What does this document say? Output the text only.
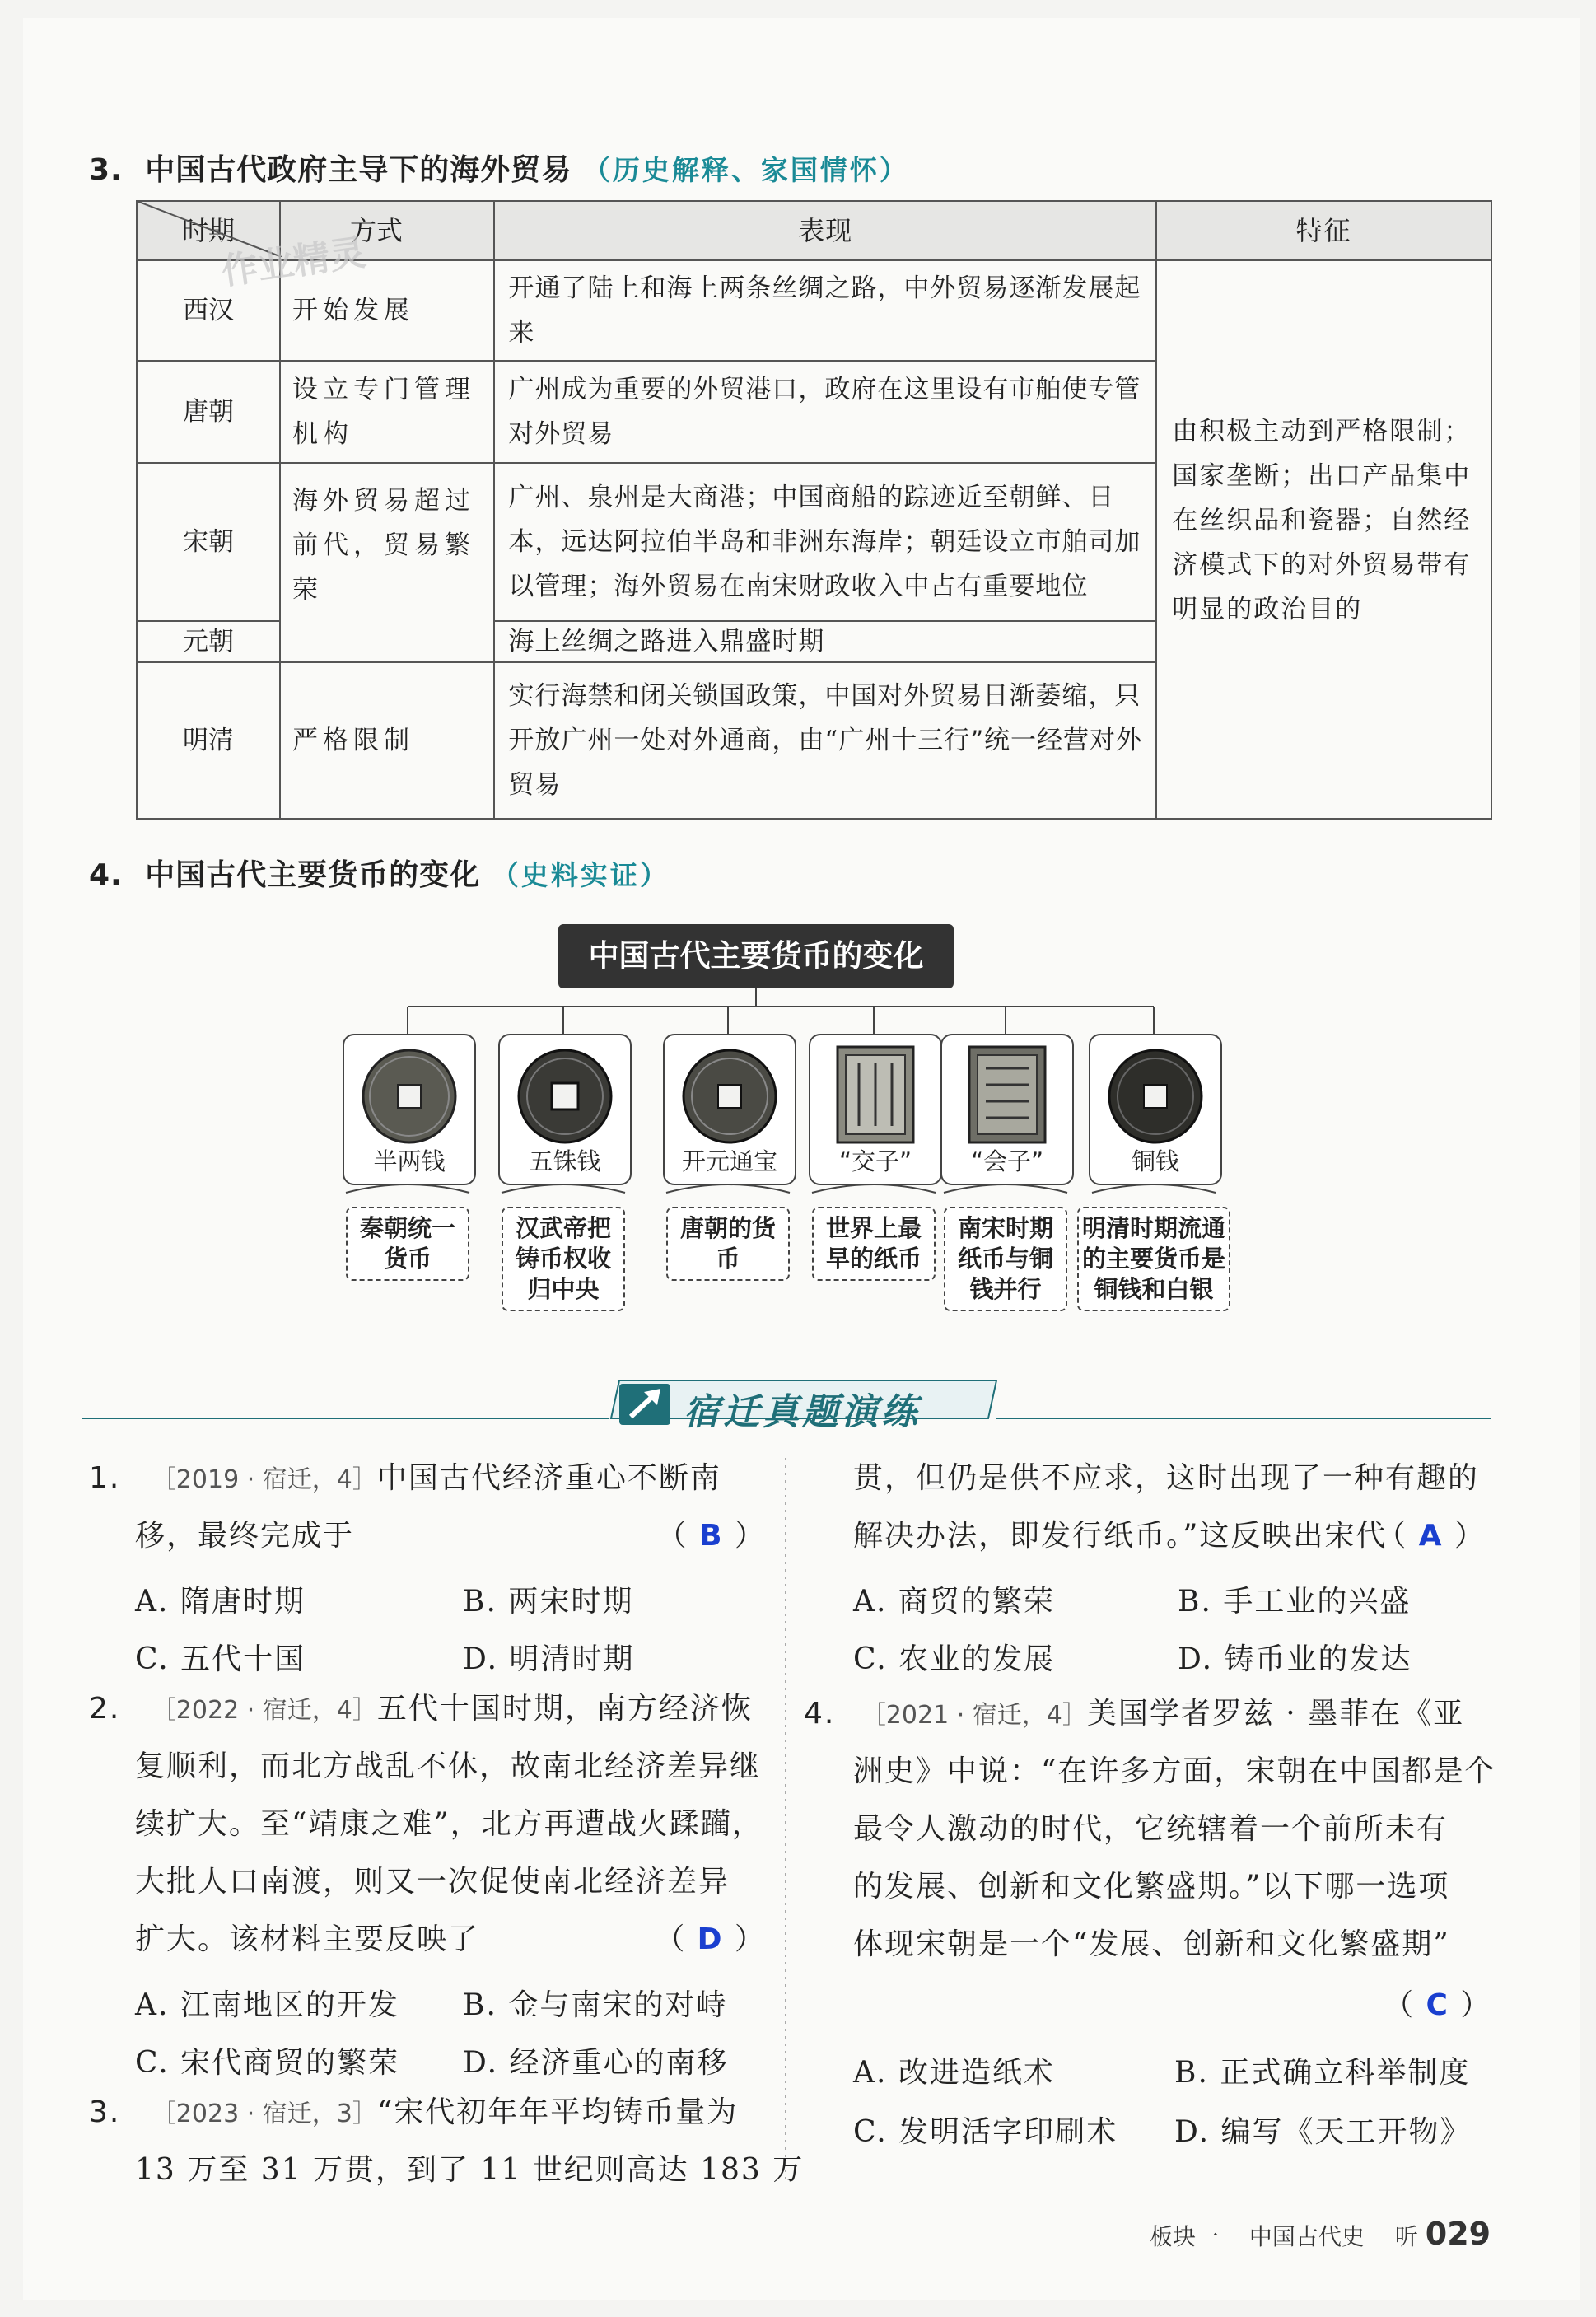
3. 中国古代政府主导下的海外贸易 （历史解释、家国情怀）
时期	方式	表现	特征
西汉	开始发展	开通了陆上和海上两条丝绸之路，中外贸易逐渐发展起来	由积极主动到严格限制；国家垄断；出口产品集中在丝织品和瓷器；自然经济模式下的对外贸易带有明显的政治目的
唐朝	设立专门管理机构	广州成为重要的外贸港口，政府在这里设有市舶使专管对外贸易	
宋朝	海外贸易超过前代，贸易繁荣	广州、泉州是大商港；中国商船的踪迹近至朝鲜、日本，远达阿拉伯半岛和非洲东海岸；朝廷设立市舶司加以管理；海外贸易在南宋财政收入中占有重要地位	
元朝		海上丝绸之路进入鼎盛时期	
明清	严格限制	实行海禁和闭关锁国政策，中国对外贸易日渐萎缩，只开放广州一处对外通商，由“广州十三行”统一经营对外贸易	
作业精灵
4. 中国古代主要货币的变化 （史料实证）
中国古代主要货币的变化
半两钱	五铢钱	开元通宝	“交子”	“会子”	铜钱
秦朝统一货币
汉武帝把铸币权收归中央
唐朝的货币
世界上最早的纸币
南宋时期纸币与铜钱并行
明清时期流通的主要货币是铜钱和白银
宿迁真题演练
1. ［2019 · 宿迁，4］中国古代经济重心不断南
移，最终完成于	（ B ）
A. 隋唐时期	B. 两宋时期
C. 五代十国	D. 明清时期
2. ［2022 · 宿迁，4］五代十国时期，南方经济恢
复顺利，而北方战乱不休，故南北经济差异继
续扩大。至“靖康之难”，北方再遭战火蹂躏，
大批人口南渡，则又一次促使南北经济差异
扩大。该材料主要反映了	（ D ）
A. 江南地区的开发 B. 金与南宋的对峙
C. 宋代商贸的繁荣 D. 经济重心的南移
3. ［2023 · 宿迁，3］“宋代初年年平均铸币量为
13 万至 31 万贯，到了 11 世纪则高达 183 万
贯，但仍是供不应求，这时出现了一种有趣的
解决办法，即发行纸币。”这反映出宋代
（ A ）
A. 商贸的繁荣	B. 手工业的兴盛
C. 农业的发展	D. 铸币业的发达
4. ［2021 · 宿迁，4］美国学者罗兹 · 墨菲在《亚
洲史》中说：“在许多方面，宋朝在中国都是个
最令人激动的时代，它统辖着一个前所未有
的发展、创新和文化繁盛期。”以下哪一选项
体现宋朝是一个“发展、创新和文化繁盛期”
（ C ）
A. 改进造纸术	B. 正式确立科举制度
C. 发明活字印刷术 D. 编写《天工开物》
板块一 中国古代史 听 029
